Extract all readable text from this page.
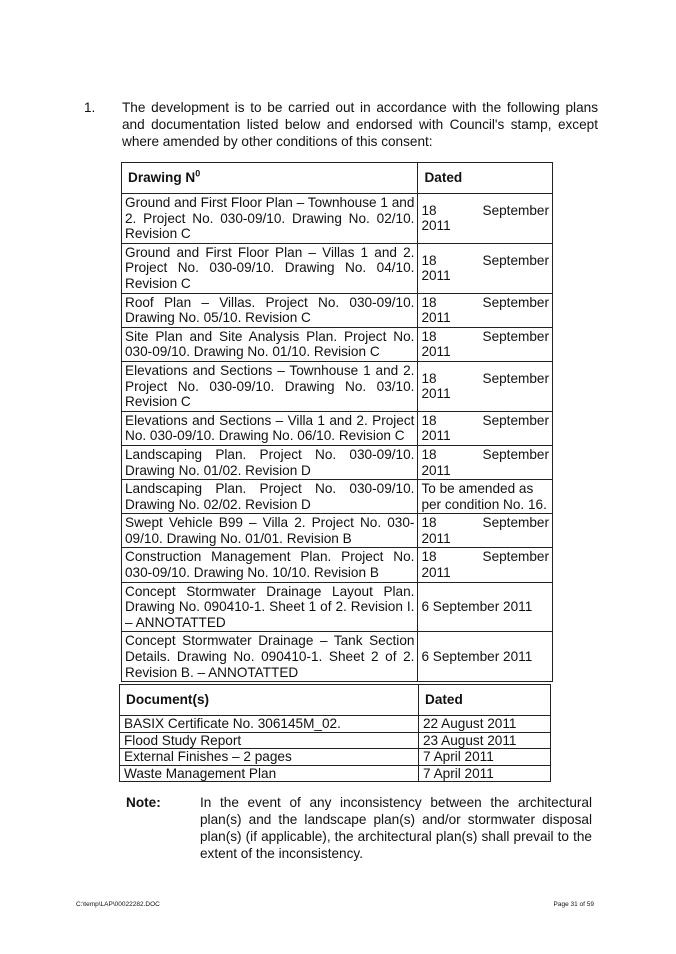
1. The development is to be carried out in accordance with the following plans and documentation listed below and endorsed with Council's stamp, except where amended by other conditions of this consent:
Drawing $N^0$	Dated
Ground and First Floor Plan – Townhouse 1 and 2. Project No. 030-09/10. Drawing No. 02/10. Revision C	18 September
2011

Ground and First Floor Plan – Villas 1 and 2. Project No. 030-09/10. Drawing No. 04/10. Revision C	18 September
2011

Roof Plan – Villas. Project No. 030-09/10. Drawing No. 05/10. Revision C	18 September
2011

Site Plan and Site Analysis Plan. Project No. 030-09/10. Drawing No. 01/10. Revision C	18 September
2011

Elevations and Sections – Townhouse 1 and 2. Project No. 030-09/10. Drawing No. 03/10. Revision C	18 September
2011

Elevations and Sections – Villa 1 and 2. Project No. 030-09/10. Drawing No. 06/10. Revision C	18 September
2011

Landscaping Plan. Project No. 030-09/10. Drawing No. 01/02. Revision D	18 September
2011

Landscaping Plan. Project No. 030-09/10. Drawing No. 02/02. Revision D	To be amended as per condition No. 16.
Swept Vehicle B99 – Villa 2. Project No. 030-09/10. Drawing No. 01/01. Revision B	18 September
2011

Construction Management Plan. Project No. 030-09/10. Drawing No. 10/10. Revision B	18 September
2011

Concept Stormwater Drainage Layout Plan. Drawing No. 090410-1. Sheet 1 of 2. Revision I. – ANNOTATTED	6 September 2011
Concept Stormwater Drainage – Tank Section Details. Drawing No. 090410-1. Sheet 2 of 2. Revision B. – ANNOTATTED	6 September 2011
Document(s)	Dated
BASIX Certificate No. 306145M_02.	22 August 2011
Flood Study Report	23 August 2011
External Finishes – 2 pages	7 April 2011
Waste Management Plan	7 April 2011
Note:	In the event of any inconsistency between the architectural plan(s) and the landscape plan(s) and/or stormwater disposal plan(s) (if applicable), the architectural plan(s) shall prevail to the extent of the inconsistency.
C:\temp\LAP\00022282.DOC	Page 31 of 59
